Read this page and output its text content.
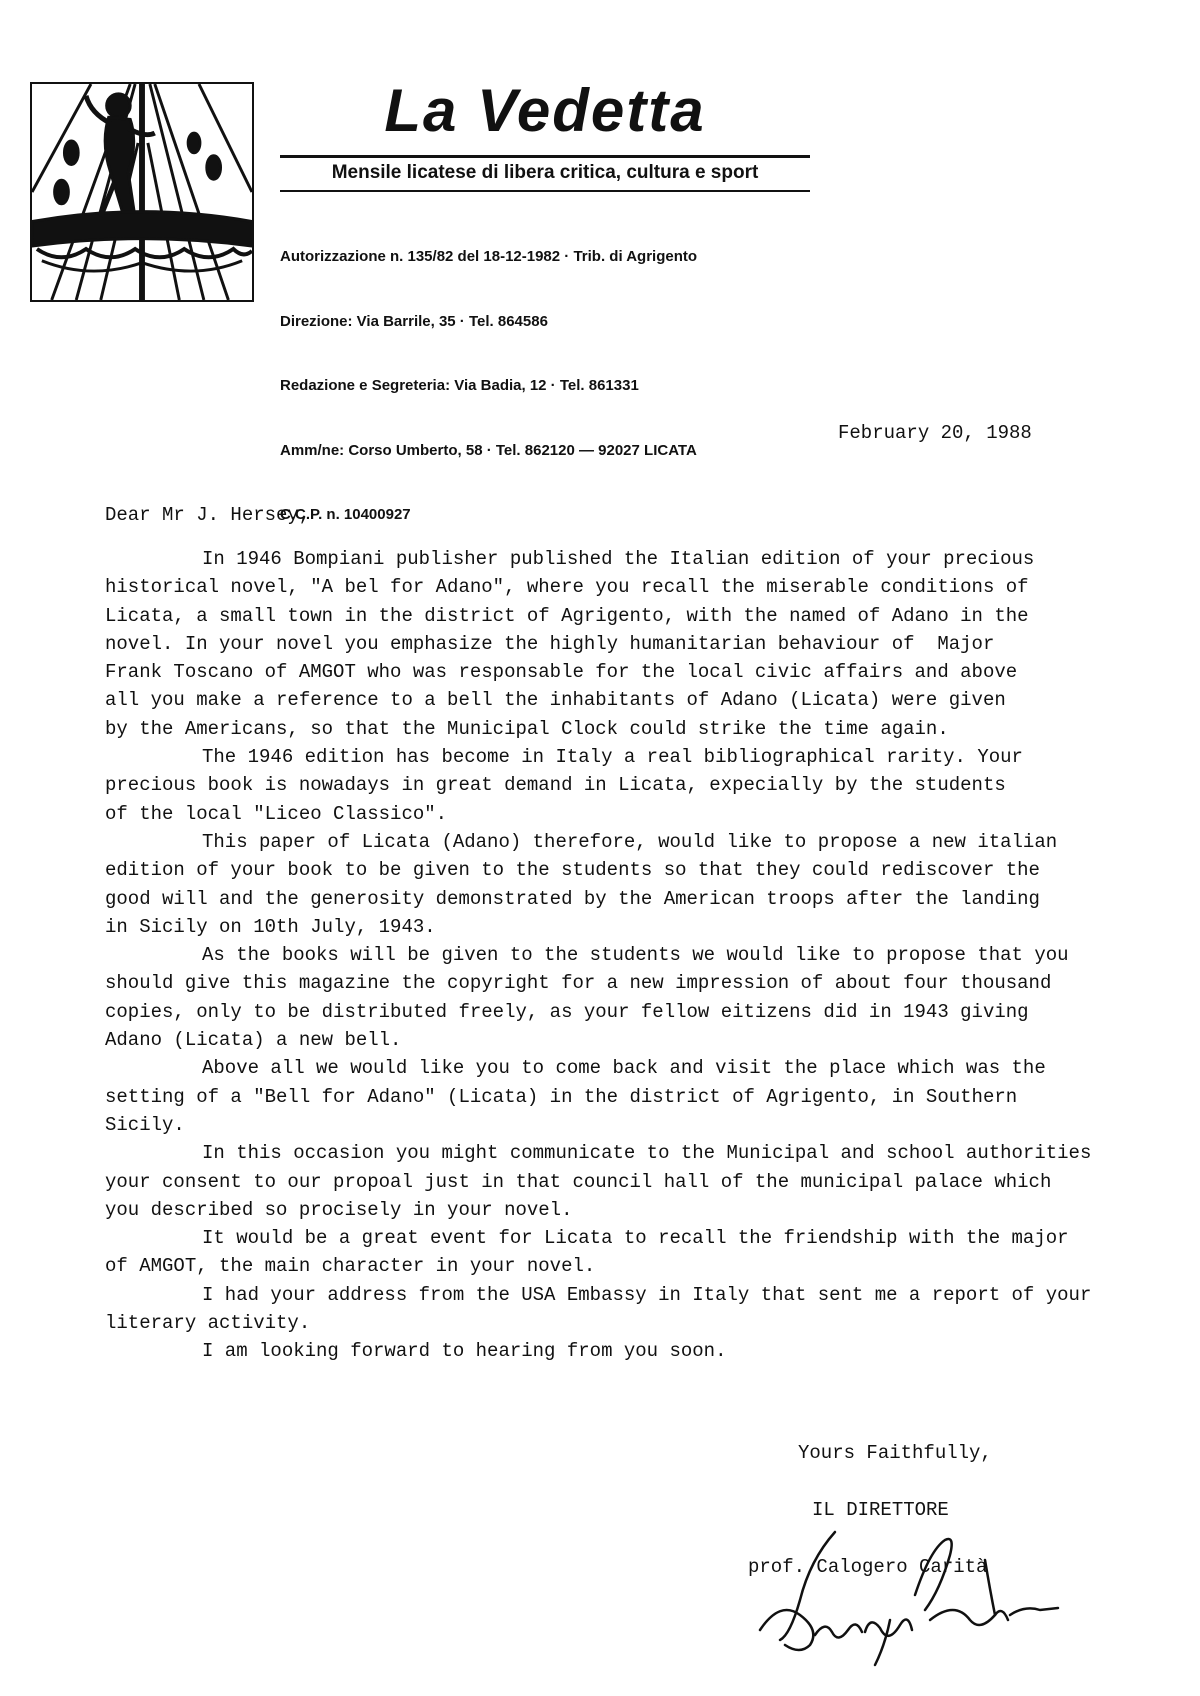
La Vedetta
Mensile licatese di libera critica, cultura e sport

Autorizzazione n. 135/82 del 18-12-1982 · Trib. di Agrigento

Direzione: Via Barrile, 35 · Tel. 864586

Redazione e Segreteria: Via Badia, 12 · Tel. 861331

Amm/ne: Corso Umberto, 58 · Tel. 862120 — 92027 LICATA

C.C.P. n. 10400927

February 20, 1988
Dear Mr J. Hersey,
In 1946 Bompiani publisher published the Italian edition of your precious
historical novel, "A bel for Adano", where you recall the miserable conditions of
Licata, a small town in the district of Agrigento, with the named of Adano in the
novel. In your novel you emphasize the highly humanitarian behaviour of  Major
Frank Toscano of AMGOT who was responsable for the local civic affairs and above
all you make a reference to a bell the inhabitants of Adano (Licata) were given
by the Americans, so that the Municipal Clock could strike the time again.
The 1946 edition has become in Italy a real bibliographical rarity. Your
precious book is nowadays in great demand in Licata, expecially by the students
of the local "Liceo Classico".
This paper of Licata (Adano) therefore, would like to propose a new italian
edition of your book to be given to the students so that they could rediscover the
good will and the generosity demonstrated by the American troops after the landing
in Sicily on 10th July, 1943.
As the books will be given to the students we would like to propose that you
should give this magazine the copyright for a new impression of about four thousand
copies, only to be distributed freely, as your fellow eitizens did in 1943 giving
Adano (Licata) a new bell.
Above all we would like you to come back and visit the place which was the
setting of a "Bell for Adano" (Licata) in the district of Agrigento, in Southern
Sicily.
In this occasion you might communicate to the Municipal and school authorities
your consent to our propoal just in that council hall of the municipal palace which
you described so procisely in your novel.
It would be a great event for Licata to recall the friendship with the major
of AMGOT, the main character in your novel.
I had your address from the USA Embassy in Italy that sent me a report of your
literary activity.
I am looking forward to hearing from you soon.
Yours Faithfully,
IL DIRETTORE
prof. Calogero Carità
